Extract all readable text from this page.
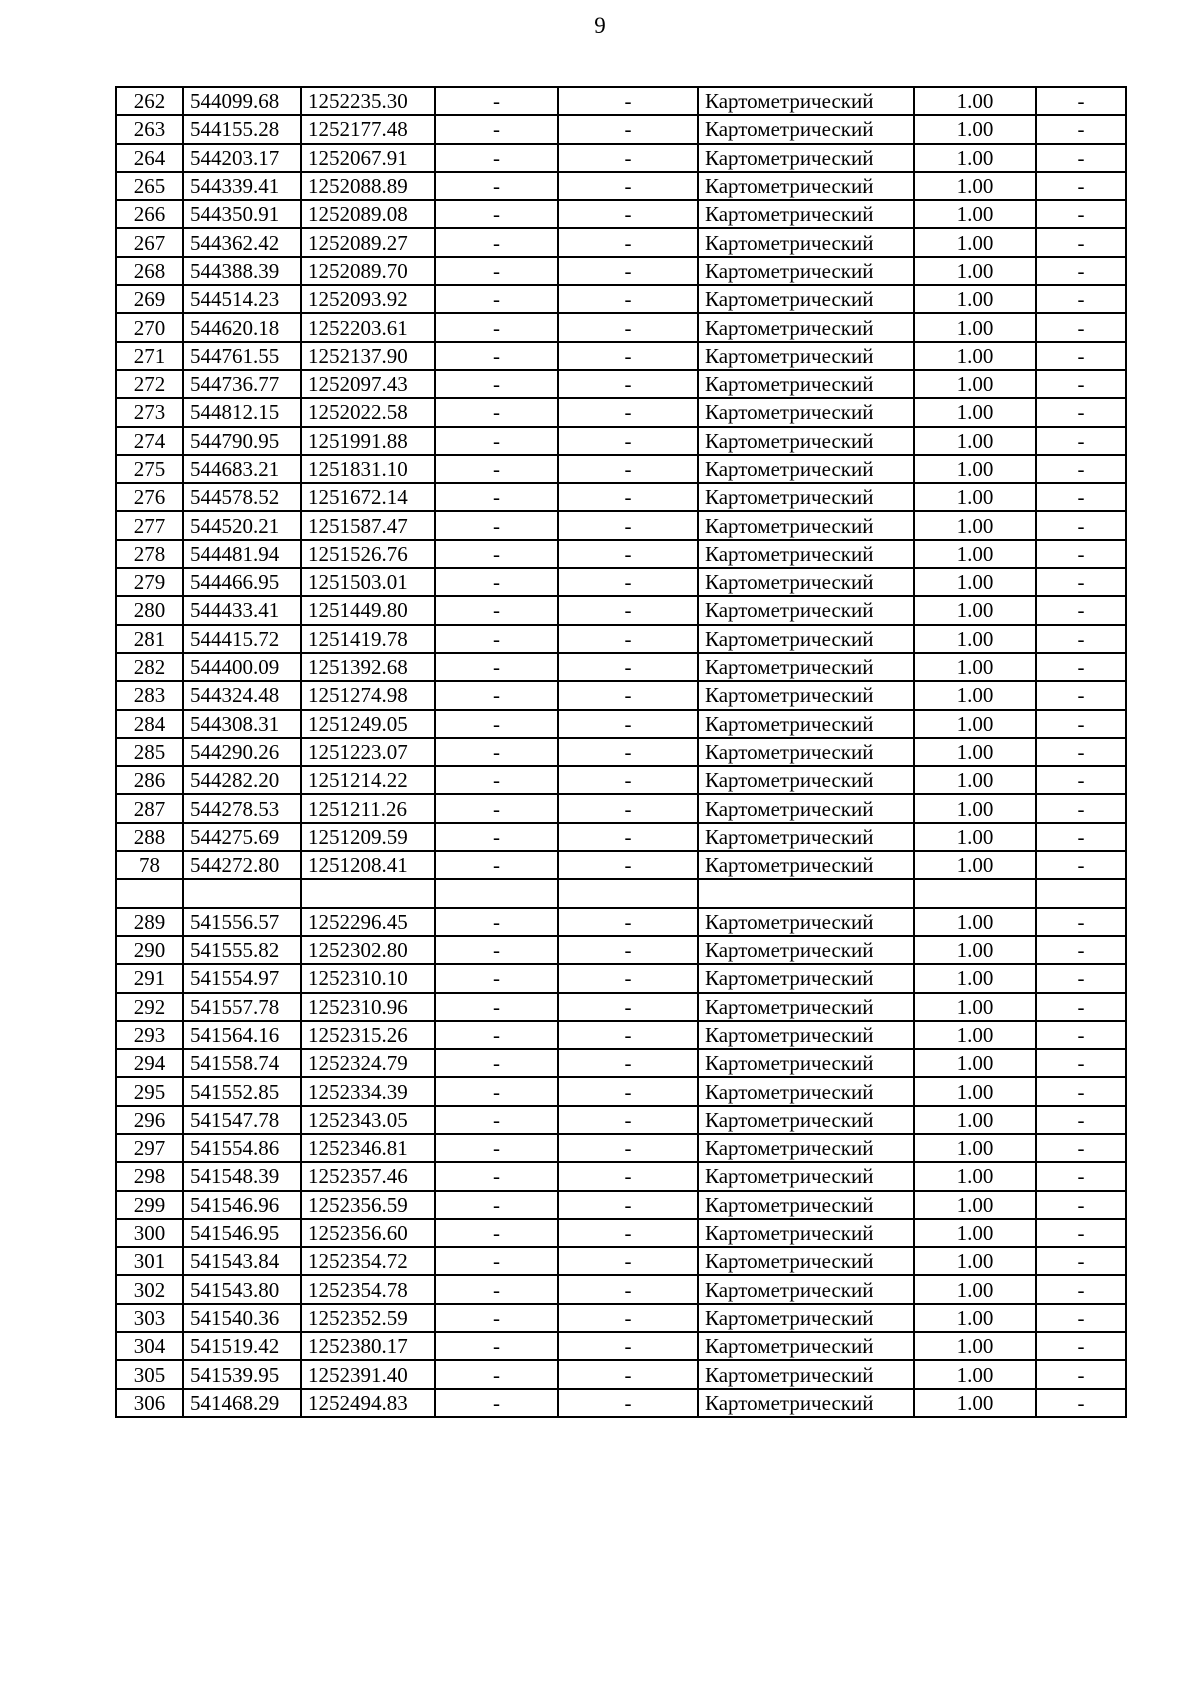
9
262	544099.68	1252235.30	-	-	Картометрический	1.00	-
263	544155.28	1252177.48	-	-	Картометрический	1.00	-
264	544203.17	1252067.91	-	-	Картометрический	1.00	-
265	544339.41	1252088.89	-	-	Картометрический	1.00	-
266	544350.91	1252089.08	-	-	Картометрический	1.00	-
267	544362.42	1252089.27	-	-	Картометрический	1.00	-
268	544388.39	1252089.70	-	-	Картометрический	1.00	-
269	544514.23	1252093.92	-	-	Картометрический	1.00	-
270	544620.18	1252203.61	-	-	Картометрический	1.00	-
271	544761.55	1252137.90	-	-	Картометрический	1.00	-
272	544736.77	1252097.43	-	-	Картометрический	1.00	-
273	544812.15	1252022.58	-	-	Картометрический	1.00	-
274	544790.95	1251991.88	-	-	Картометрический	1.00	-
275	544683.21	1251831.10	-	-	Картометрический	1.00	-
276	544578.52	1251672.14	-	-	Картометрический	1.00	-
277	544520.21	1251587.47	-	-	Картометрический	1.00	-
278	544481.94	1251526.76	-	-	Картометрический	1.00	-
279	544466.95	1251503.01	-	-	Картометрический	1.00	-
280	544433.41	1251449.80	-	-	Картометрический	1.00	-
281	544415.72	1251419.78	-	-	Картометрический	1.00	-
282	544400.09	1251392.68	-	-	Картометрический	1.00	-
283	544324.48	1251274.98	-	-	Картометрический	1.00	-
284	544308.31	1251249.05	-	-	Картометрический	1.00	-
285	544290.26	1251223.07	-	-	Картометрический	1.00	-
286	544282.20	1251214.22	-	-	Картометрический	1.00	-
287	544278.53	1251211.26	-	-	Картометрический	1.00	-
288	544275.69	1251209.59	-	-	Картометрический	1.00	-
78	544272.80	1251208.41	-	-	Картометрический	1.00	-

289	541556.57	1252296.45	-	-	Картометрический	1.00	-
290	541555.82	1252302.80	-	-	Картометрический	1.00	-
291	541554.97	1252310.10	-	-	Картометрический	1.00	-
292	541557.78	1252310.96	-	-	Картометрический	1.00	-
293	541564.16	1252315.26	-	-	Картометрический	1.00	-
294	541558.74	1252324.79	-	-	Картометрический	1.00	-
295	541552.85	1252334.39	-	-	Картометрический	1.00	-
296	541547.78	1252343.05	-	-	Картометрический	1.00	-
297	541554.86	1252346.81	-	-	Картометрический	1.00	-
298	541548.39	1252357.46	-	-	Картометрический	1.00	-
299	541546.96	1252356.59	-	-	Картометрический	1.00	-
300	541546.95	1252356.60	-	-	Картометрический	1.00	-
301	541543.84	1252354.72	-	-	Картометрический	1.00	-
302	541543.80	1252354.78	-	-	Картометрический	1.00	-
303	541540.36	1252352.59	-	-	Картометрический	1.00	-
304	541519.42	1252380.17	-	-	Картометрический	1.00	-
305	541539.95	1252391.40	-	-	Картометрический	1.00	-
306	541468.29	1252494.83	-	-	Картометрический	1.00	-
